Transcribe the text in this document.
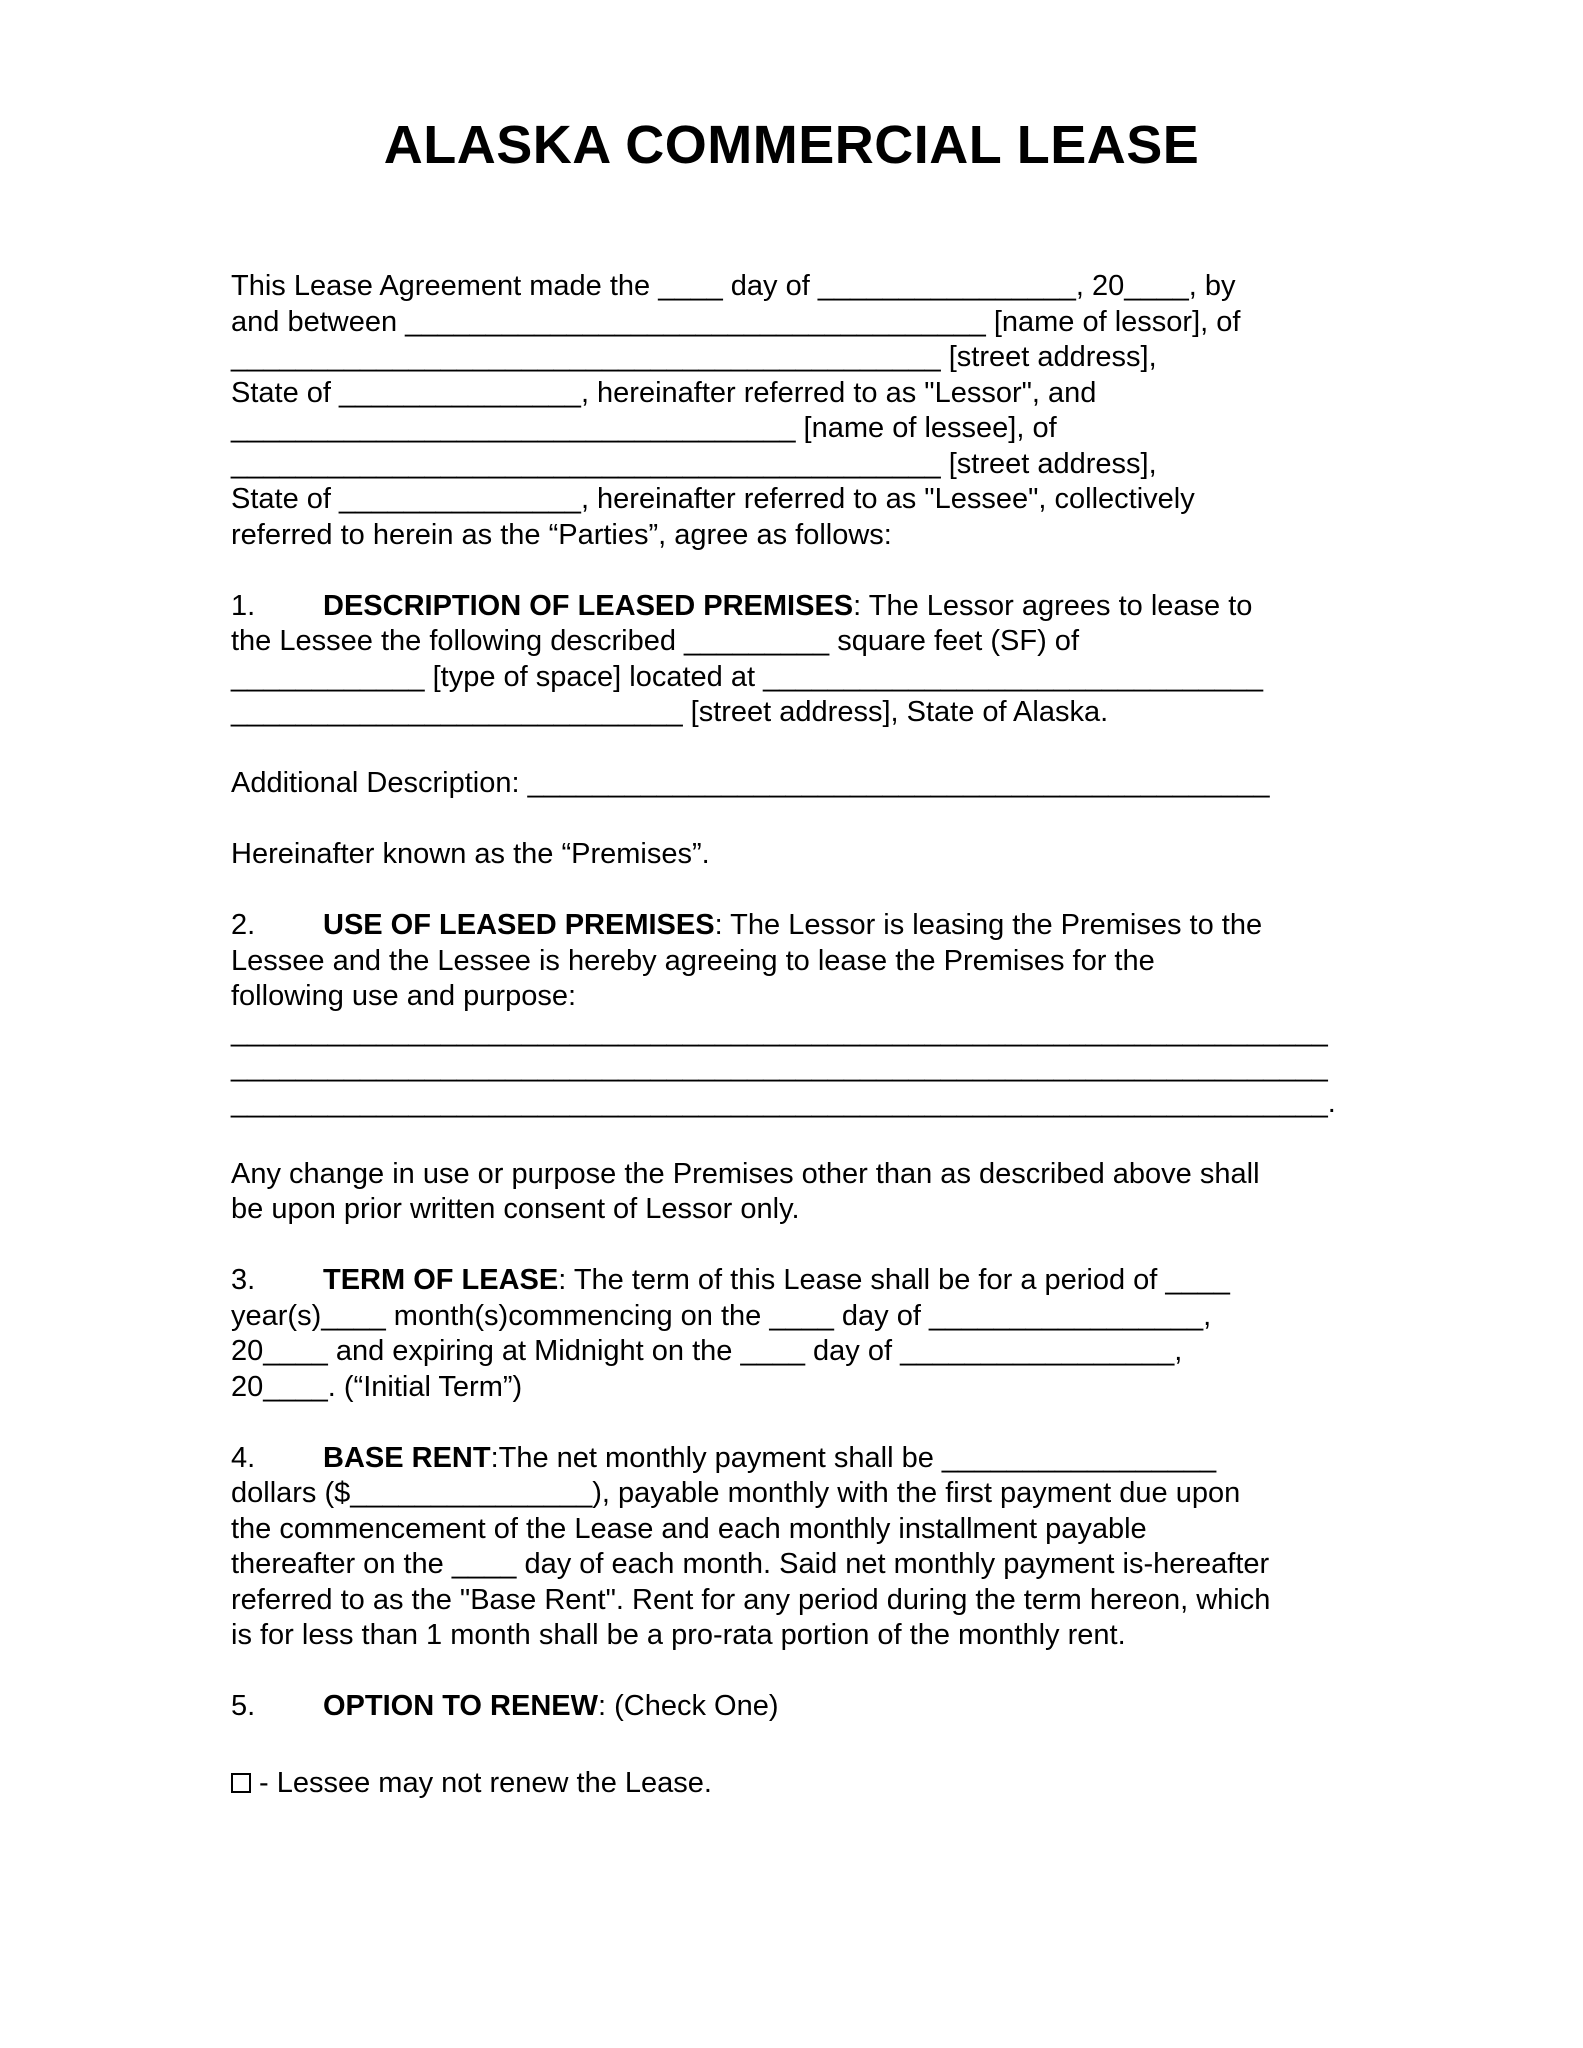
ALASKA COMMERCIAL LEASE
This Lease Agreement made the ____ day of ________________, 20____, by
and between ____________________________________ [name of lessor], of
____________________________________________ [street address],
State of _______________, hereinafter referred to as "Lessor", and
___________________________________ [name of lessee], of
____________________________________________ [street address],
State of _______________, hereinafter referred to as "Lessee", collectively
referred to herein as the “Parties”, agree as follows:
1. DESCRIPTION OF LEASED PREMISES: The Lessor agrees to lease to
the Lessee the following described _________ square feet (SF) of
____________ [type of space] located at _______________________________
____________________________ [street address], State of Alaska.
Additional Description: ______________________________________________
Hereinafter known as the “Premises”.
2. USE OF LEASED PREMISES: The Lessor is leasing the Premises to the
Lessee and the Lessee is hereby agreeing to lease the Premises for the
following use and purpose:
____________________________________________________________________
____________________________________________________________________
____________________________________________________________________.
Any change in use or purpose the Premises other than as described above shall
be upon prior written consent of Lessor only.
3. TERM OF LEASE: The term of this Lease shall be for a period of ____
year(s)____ month(s)commencing on the ____ day of _________________,
20____ and expiring at Midnight on the ____ day of _________________,
20____. (“Initial Term”)
4. BASE RENT:The net monthly payment shall be _________________
dollars ($_______________), payable monthly with the first payment due upon
the commencement of the Lease and each monthly installment payable
thereafter on the ____ day of each month. Said net monthly payment is-hereafter
referred to as the "Base Rent". Rent for any period during the term hereon, which
is for less than 1 month shall be a pro-rata portion of the monthly rent.
5. OPTION TO RENEW: (Check One)
- Lessee may not renew the Lease.
